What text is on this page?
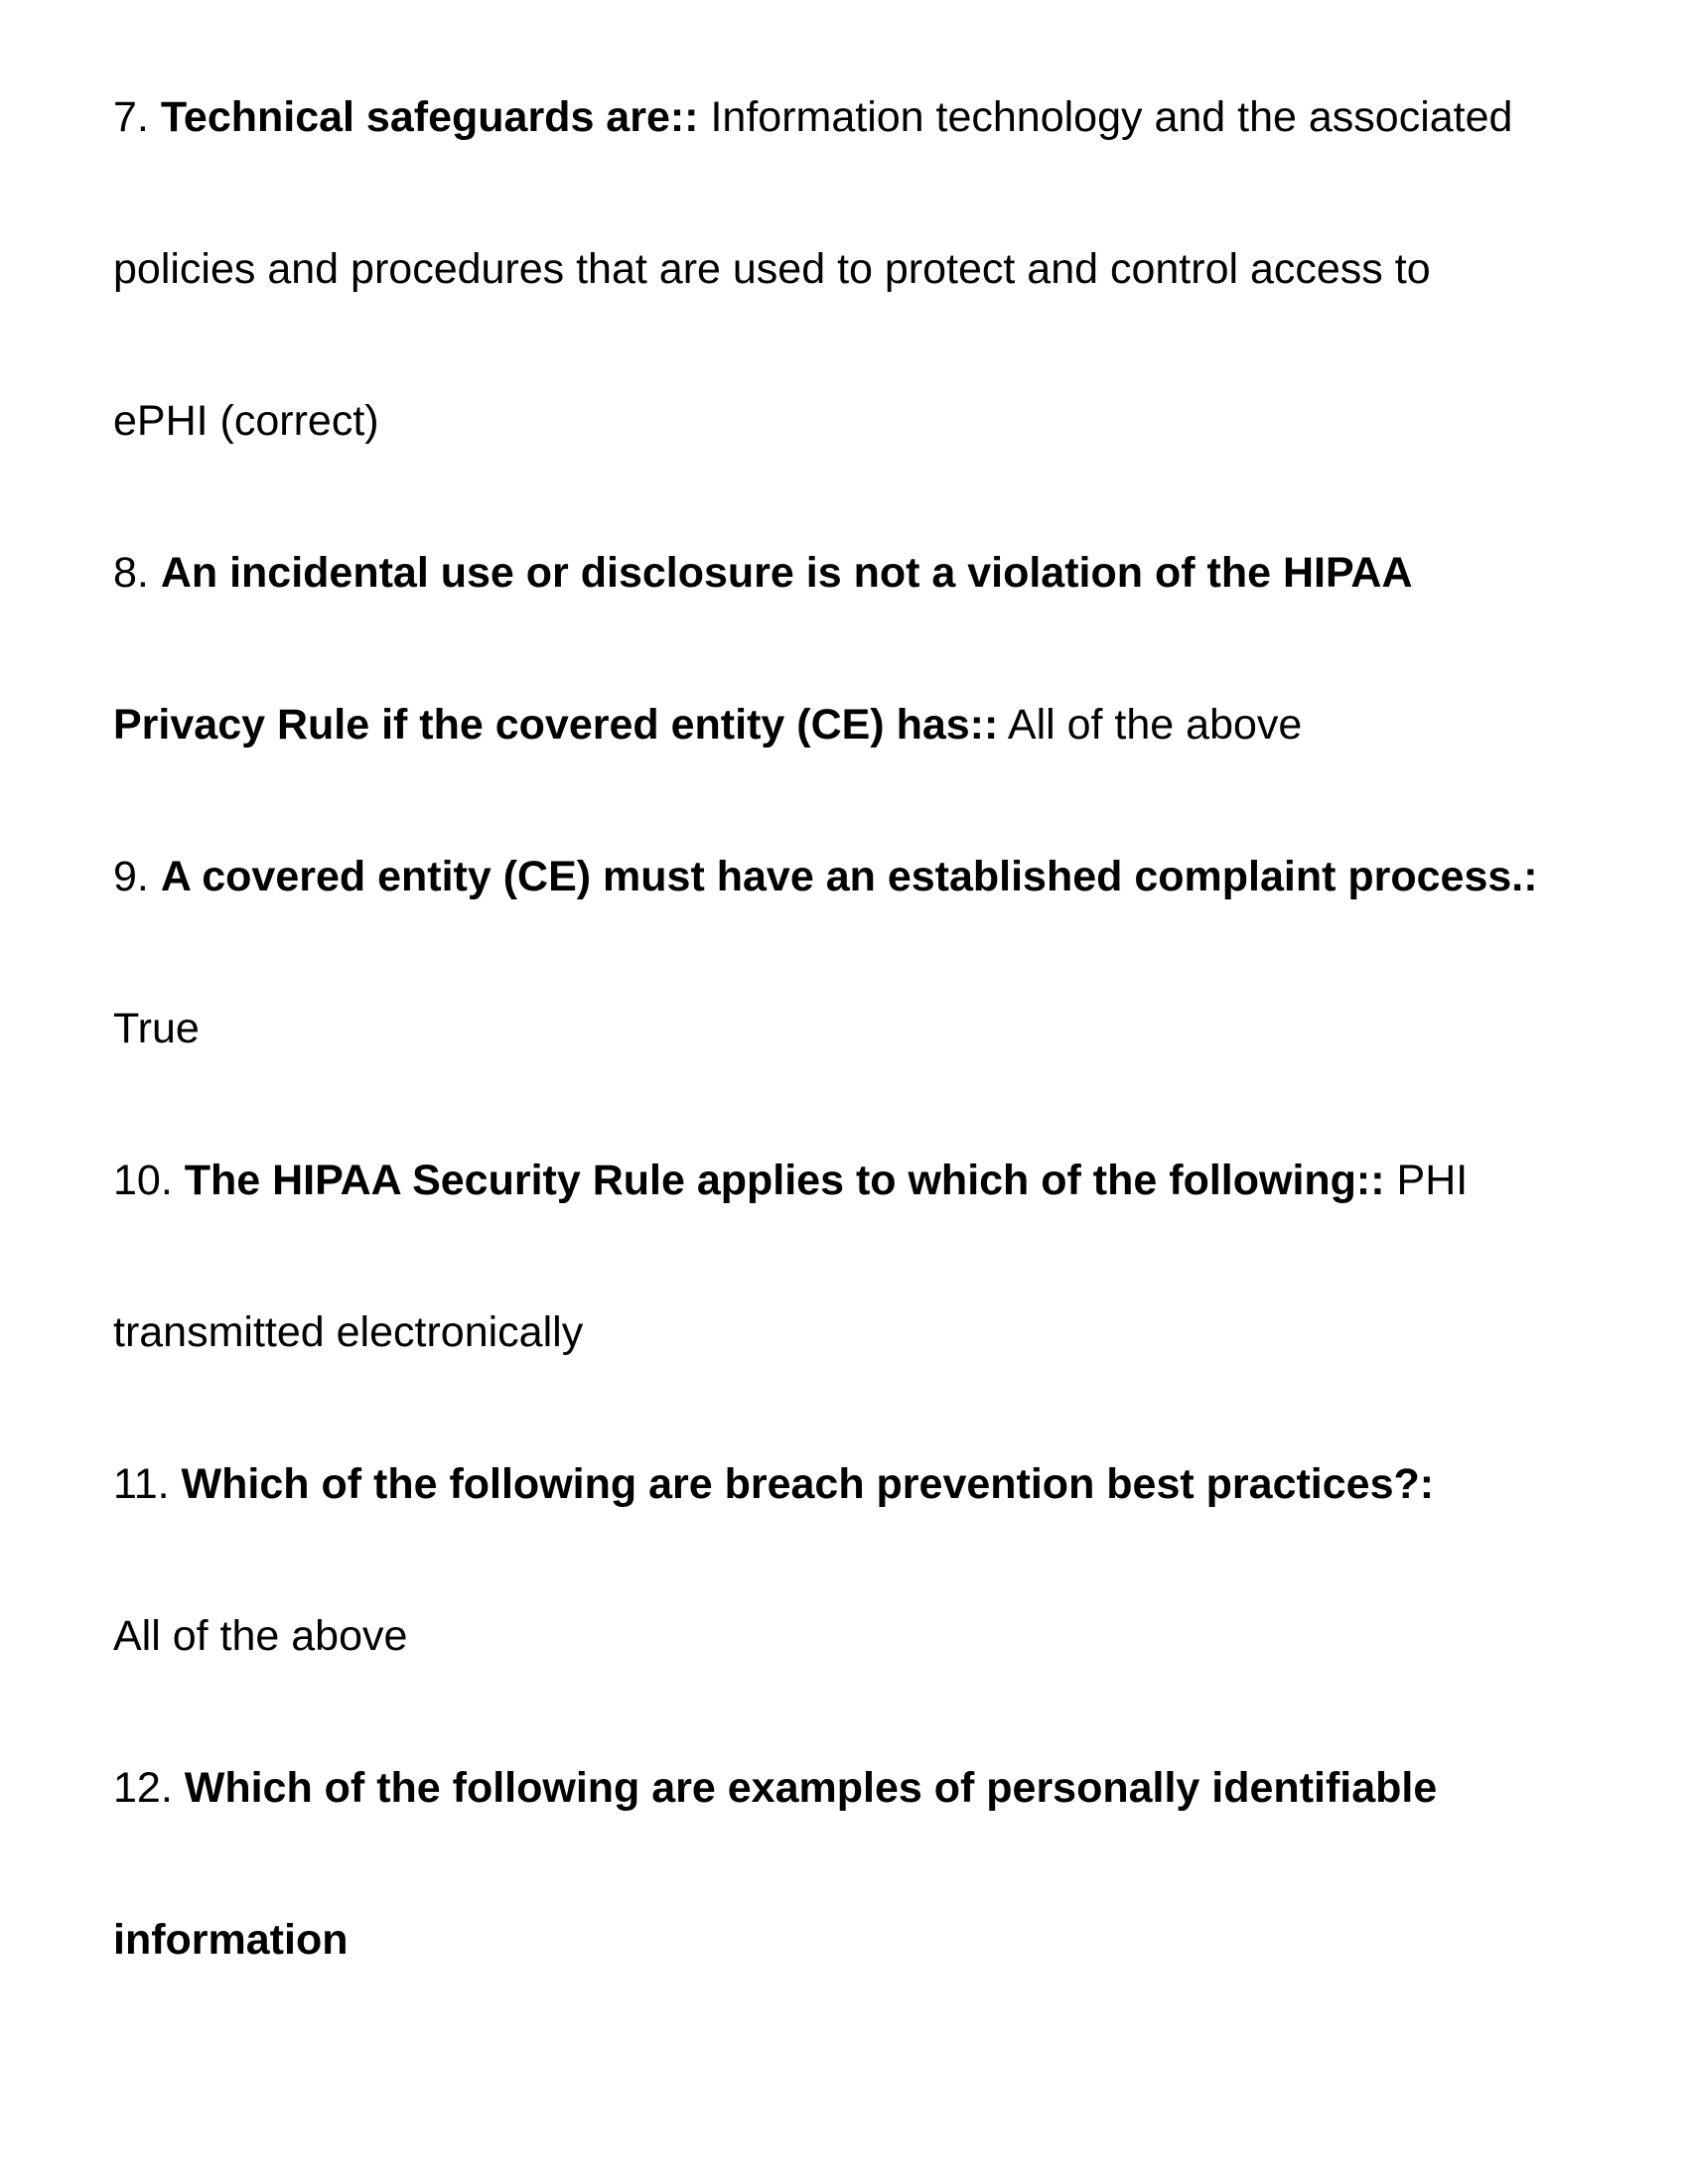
7. Technical safeguards are:: Information technology and the associated
policies and procedures that are used to protect and control access to
ePHI (correct)
8. An incidental use or disclosure is not a violation of the HIPAA
Privacy Rule if the covered entity (CE) has:: All of the above
9. A covered entity (CE) must have an established complaint process.:
True
10. The HIPAA Security Rule applies to which of the following:: PHI
transmitted electronically
11. Which of the following are breach prevention best practices?:
All of the above
12. Which of the following are examples of personally identifiable
information
